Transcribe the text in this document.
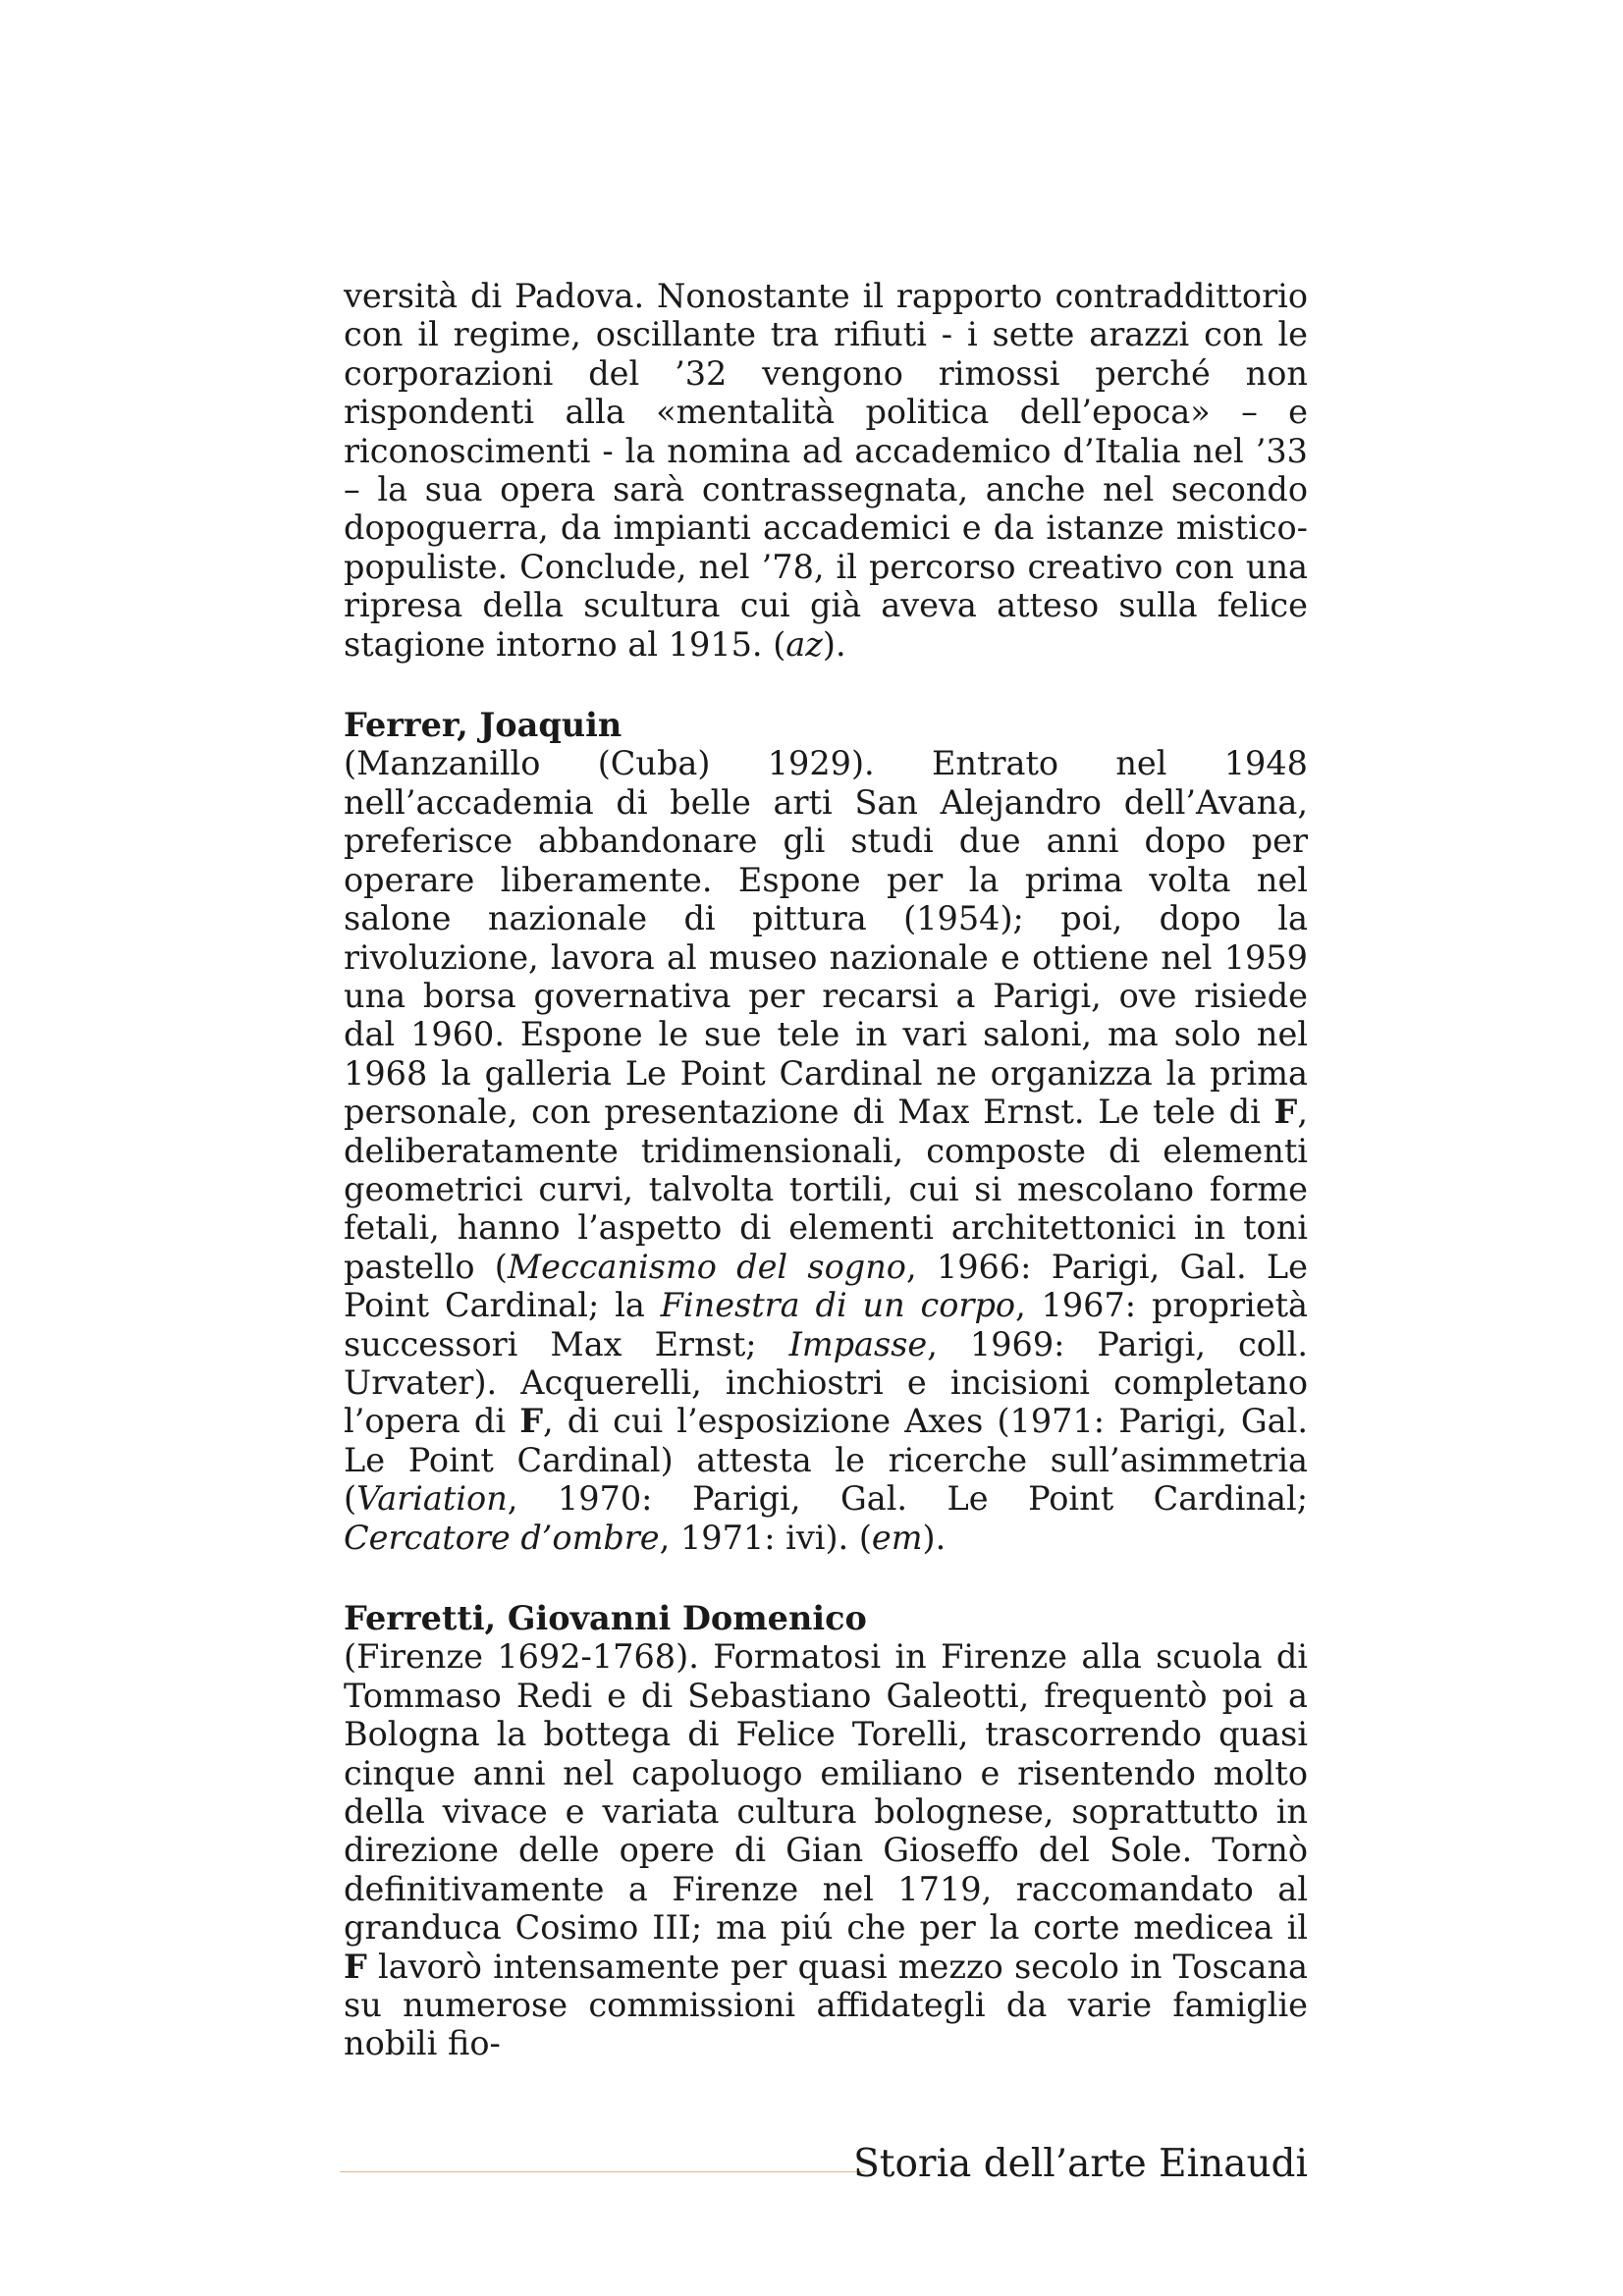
versità di Padova. Nonostante il rapporto contraddittorio con il regime, oscillante tra rifiuti - i sette arazzi con le corporazioni del ’32 vengono rimossi perché non rispondenti alla «mentalità politica dell’epoca» – e riconoscimenti - la nomina ad accademico d’Italia nel ’33 – la sua opera sarà contrassegnata, anche nel secondo dopoguerra, da impianti accademici e da istanze mistico-populiste. Conclude, nel ’78, il percorso creativo con una ripresa della scultura cui già aveva atteso sulla felice stagione intorno al 1915. (az).

Ferrer, Joaquin

(Manzanillo (Cuba) 1929). Entrato nel 1948 nell’accademia di belle arti San Alejandro dell’Avana, preferisce abbandonare gli studi due anni dopo per operare liberamente. Espone per la prima volta nel salone nazionale di pittura (1954); poi, dopo la rivoluzione, lavora al museo nazionale e ottiene nel 1959 una borsa governativa per recarsi a Parigi, ove risiede dal 1960. Espone le sue tele in vari saloni, ma solo nel 1968 la galleria Le Point Cardinal ne organizza la prima personale, con presentazione di Max Ernst. Le tele di F, deliberatamente tridimensionali, composte di elementi geometrici curvi, talvolta tortili, cui si mescolano forme fetali, hanno l’aspetto di elementi architettonici in toni pastello (Meccanismo del sogno, 1966: Parigi, Gal. Le Point Cardinal; la Finestra di un corpo, 1967: proprietà successori Max Ernst; Impasse, 1969: Parigi, coll. Urvater). Acquerelli, inchiostri e incisioni completano l’opera di F, di cui l’esposizione Axes (1971: Parigi, Gal. Le Point Cardinal) attesta le ricerche sull’asimmetria (Variation, 1970: Parigi, Gal. Le Point Cardinal; Cercatore d’ombre, 1971: ivi). (em).

Ferretti, Giovanni Domenico

(Firenze 1692-1768). Formatosi in Firenze alla scuola di Tommaso Redi e di Sebastiano Galeotti, frequentò poi a Bologna la bottega di Felice Torelli, trascorrendo quasi cinque anni nel capoluogo emiliano e risentendo molto della vivace e variata cultura bolognese, soprattutto in direzione delle opere di Gian Gioseffo del Sole. Tornò definitivamente a Firenze nel 1719, raccomandato al granduca Cosimo III; ma piú che per la corte medicea il F lavorò intensamente per quasi mezzo secolo in Toscana su numerose commissioni affidategli da varie famiglie nobili fio-

Storia dell’arte Einaudi
